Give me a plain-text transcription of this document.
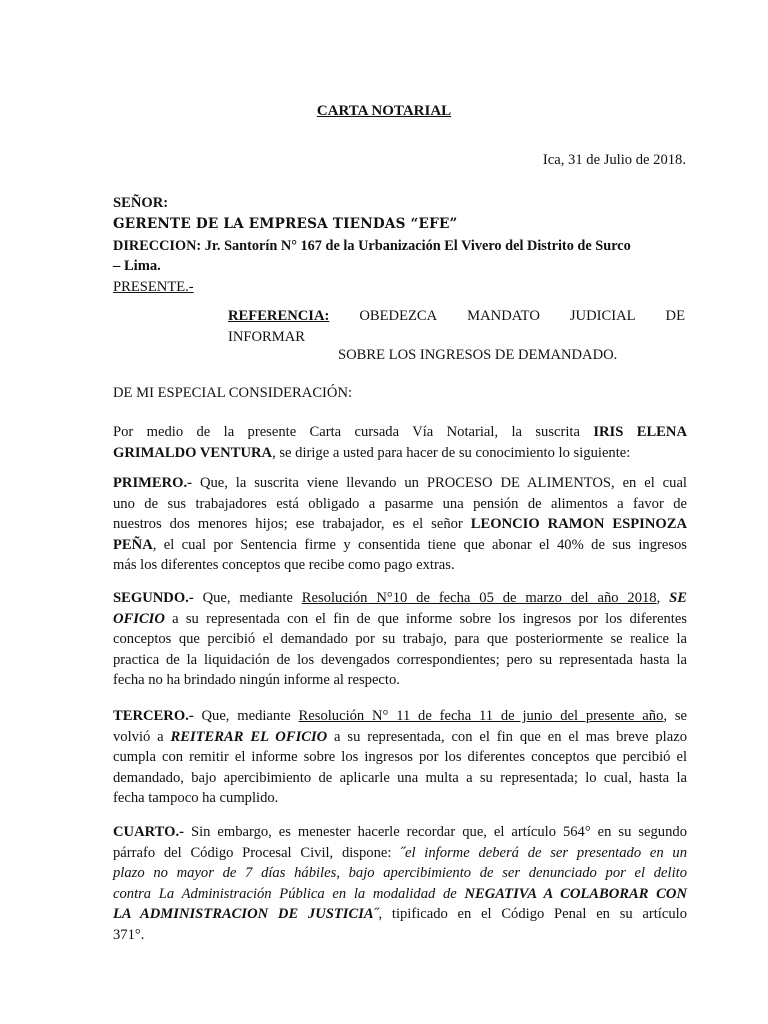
CARTA NOTARIAL
Ica, 31 de Julio de 2018.
SEÑOR:
GERENTE DE LA EMPRESA TIENDAS “EFE”
DIRECCION: Jr. Santorín N° 167 de la Urbanización El Vivero del Distrito de Surco
– Lima.
PRESENTE.-
REFERENCIA: OBEDEZCA MANDATO JUDICIAL DE
INFORMAR
SOBRE LOS INGRESOS DE DEMANDADO.
DE MI ESPECIAL CONSIDERACIÓN:

Por medio de la presente Carta cursada Vía Notarial, la suscrita IRIS ELENA

GRIMALDO VENTURA, se dirige a usted para hacer de su conocimiento lo siguiente:

PRIMERO.- Que, la suscrita viene llevando un PROCESO DE ALIMENTOS, en el cual

uno de sus trabajadores está obligado a pasarme una pensión de alimentos a favor de

nuestros dos menores hijos; ese trabajador, es el señor LEONCIO RAMON ESPINOZA

PEÑA, el cual por Sentencia firme y consentida tiene que abonar el 40% de sus ingresos

más los diferentes conceptos que recibe como pago extras.

SEGUNDO.- Que, mediante Resolución N°10 de fecha 05 de marzo del año 2018, SE

OFICIO a su representada con el fin de que informe sobre los ingresos por los diferentes

conceptos que percibió el demandado por su trabajo, para que posteriormente se realice la

practica de la liquidación de los devengados correspondientes; pero su representada hasta la

fecha no ha brindado ningún informe al respecto.

TERCERO.- Que, mediante Resolución N° 11 de fecha 11 de junio del presente año, se

volvió a REITERAR EL OFICIO a su representada, con el fin que en el mas breve plazo

cumpla con remitir el informe sobre los ingresos por los diferentes conceptos que percibió el

demandado, bajo apercibimiento de aplicarle una multa a su representada; lo cual, hasta la

fecha tampoco ha cumplido.

CUARTO.- Sin embargo, es menester hacerle recordar que, el artículo 564° en su segundo

párrafo del Código Procesal Civil, dispone: ˝el informe deberá de ser presentado en un

plazo no mayor de 7 días hábiles, bajo apercibimiento de ser denunciado por el delito

contra La Administración Pública en la modalidad de NEGATIVA A COLABORAR CON

LA ADMINISTRACION DE JUSTICIA˝, tipificado en el Código Penal en su artículo

371°.
